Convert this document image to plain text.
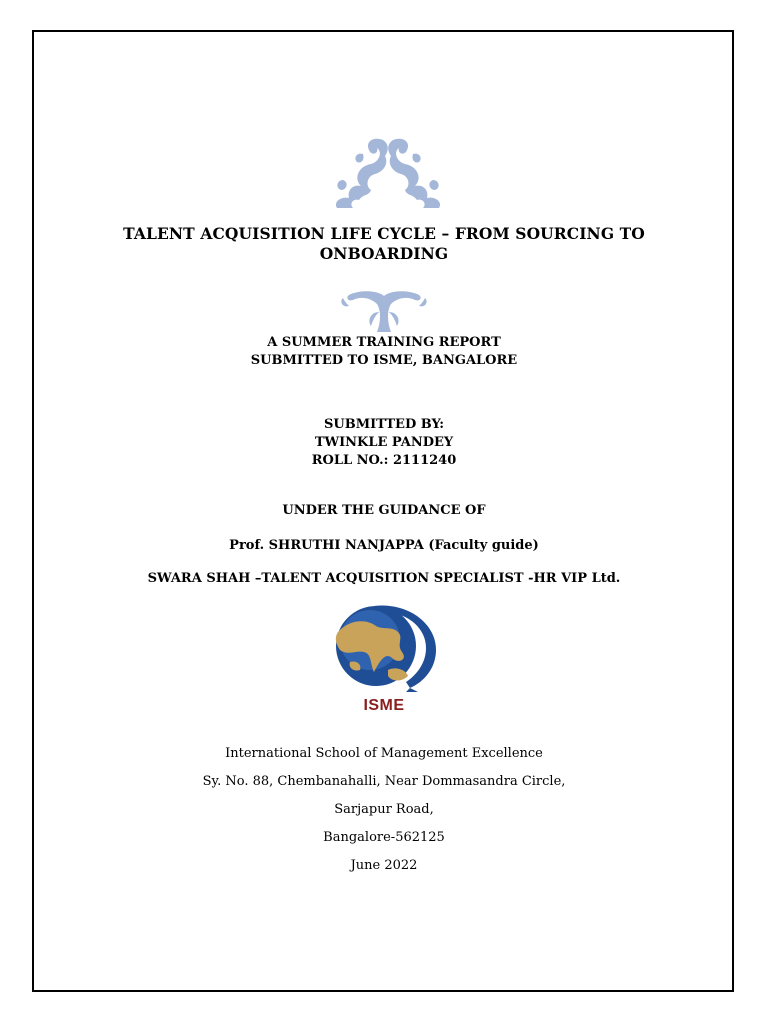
TALENT ACQUISITION LIFE CYCLE – FROM SOURCING TO
ONBOARDING
A SUMMER TRAINING REPORT
SUBMITTED TO ISME, BANGALORE
SUBMITTED BY:
TWINKLE PANDEY
ROLL NO.: 2111240
UNDER THE GUIDANCE OF
Prof. SHRUTHI NANJAPPA (Faculty guide)
SWARA SHAH –TALENT ACQUISITION SPECIALIST -HR VIP Ltd.
ISME
International School of Management Excellence
Sy. No. 88, Chembanahalli, Near Dommasandra Circle,
Sarjapur Road,
Bangalore-562125
June 2022
